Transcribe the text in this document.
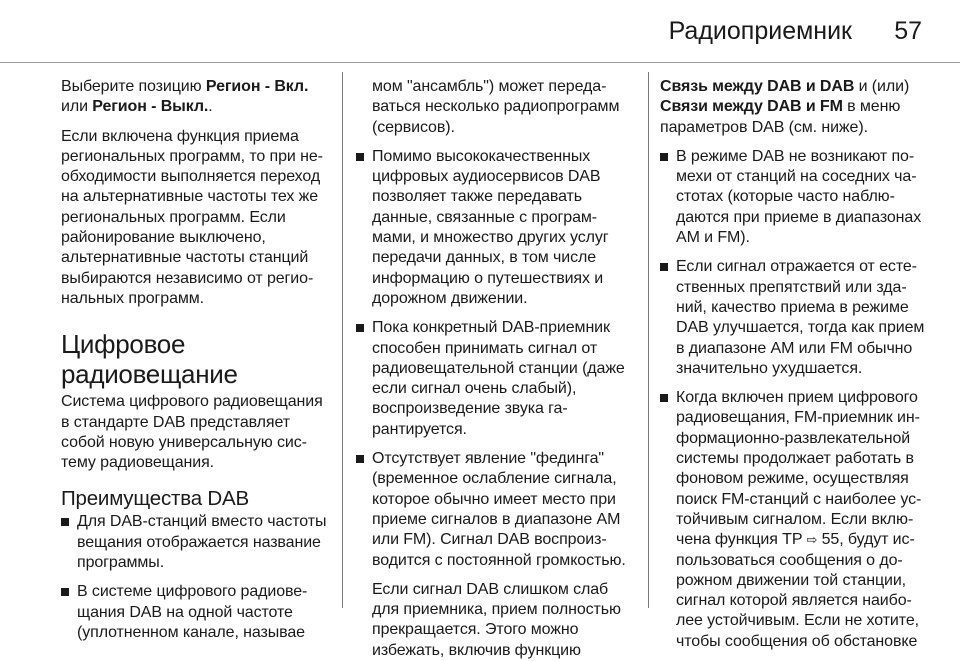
Радиоприемник 57

Выберите позицию Регион - Вкл.
или Регион - Выкл..

Если включена функция приема региональных программ, то при необходимости выполняется переход на альтернативные частоты тех же региональных программ. Если районирование выключено, альтернативные частоты станций выбираются независимо от региональных программ.

Цифровое радиовещание

Система цифрового радиовещания в стандарте DAB представляет собой новую универсальную систему радиовещания.

Преимущества DAB
Для DAB-станций вместо частоты вещания отображается название программы.
В системе цифрового радиовещания DAB на одной частоте (уплотненном канале, называе
мом "ансамбль") может передаваться несколько радиопрограмм (сервисов).
Помимо высококачественных цифровых аудиосервисов DAB позволяет также передавать данные, связанные с программами, и множество других услуг передачи данных, в том числе информацию о путешествиях и дорожном движении.
Пока конкретный DAB-приемник способен принимать сигнал от радиовещательной станции (даже если сигнал очень слабый), воспроизведение звука гарантируется.
Отсутствует явление "фединга" (временное ослабление сигнала, которое обычно имеет место при приеме сигналов в диапазоне AM или FM). Сигнал DAB воспроизводится с постоянной громкостью.

Если сигнал DAB слишком слаб для приемника, прием полностью прекращается. Этого можно избежать, включив функцию

Связь между DAB и DAB и (или) Связи между DAB и FM в меню параметров DAB (см. ниже).

В режиме DAB не возникают помехи от станций на соседних частотах (которые часто наблюдаются при приеме в диапазонах AM и FM).
Если сигнал отражается от естественных препятствий или зданий, качество приема в режиме DAB улучшается, тогда как прием в диапазоне AM или FM обычно значительно ухудшается.
Когда включен прием цифрового радиовещания, FM-приемник информационно-развлекательной системы продолжает работать в фоновом режиме, осуществляя поиск FM-станций с наиболее устойчивым сигналом. Если включена функция TP ⇨ 55, будут использоваться сообщения о дорожном движении той станции, сигнал которой является наиболее устойчивым. Если не хотите, чтобы сообщения об обстановке
